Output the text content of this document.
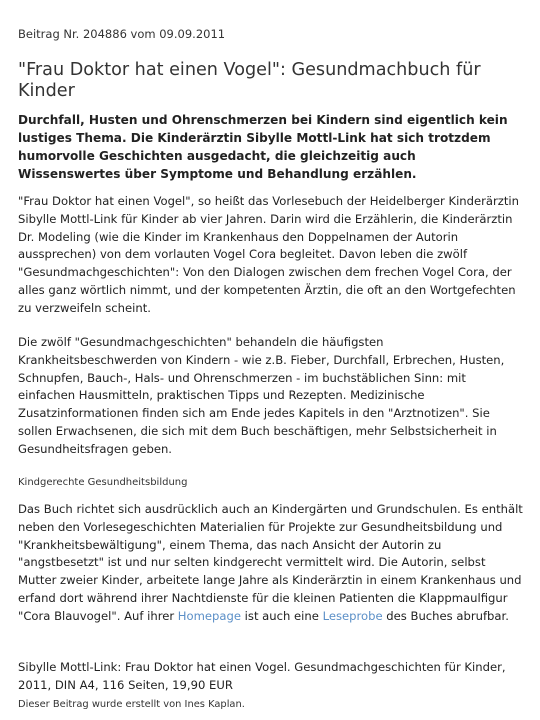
Beitrag Nr. 204886 vom 09.09.2011
"Frau Doktor hat einen Vogel": Gesundmachbuch für Kinder

Durchfall, Husten und Ohrenschmerzen bei Kindern sind eigentlich kein lustiges Thema. Die Kinderärztin Sibylle Mottl-Link hat sich trotzdem humorvolle Geschichten ausgedacht, die gleichzeitig auch Wissenswertes über Symptome und Behandlung erzählen.

"Frau Doktor hat einen Vogel", so heißt das Vorlesebuch der Heidelberger Kinderärztin Sibylle Mottl-Link für Kinder ab vier Jahren. Darin wird die Erzählerin, die Kinderärztin Dr. Modeling (wie die Kinder im Krankenhaus den Doppelnamen der Autorin aussprechen) von dem vorlauten Vogel Cora begleitet. Davon leben die zwölf "Gesundmachgeschichten": Von den Dialogen zwischen dem frechen Vogel Cora, der alles ganz wörtlich nimmt, und der kompetenten Ärztin, die oft an den Wortgefechten zu verzweifeln scheint.

Die zwölf "Gesundmachgeschichten" behandeln die häufigsten Krankheitsbeschwerden von Kindern - wie z.B. Fieber, Durchfall, Erbrechen, Husten, Schnupfen, Bauch-, Hals- und Ohrenschmerzen - im buchstäblichen Sinn: mit einfachen Hausmitteln, praktischen Tipps und Rezepten. Medizinische Zusatzinformationen finden sich am Ende jedes Kapitels in den "Arztnotizen". Sie sollen Erwachsenen, die sich mit dem Buch beschäftigen, mehr Selbstsicherheit in Gesundheitsfragen geben.

Kindgerechte Gesundheitsbildung

Das Buch richtet sich ausdrücklich auch an Kindergärten und Grundschulen. Es enthält neben den Vorlesegeschichten Materialien für Projekte zur Gesundheitsbildung und "Krankheitsbewältigung", einem Thema, das nach Ansicht der Autorin zu "angstbesetzt" ist und nur selten kindgerecht vermittelt wird. Die Autorin, selbst Mutter zweier Kinder, arbeitete lange Jahre als Kinderärztin in einem Krankenhaus und erfand dort während ihrer Nachtdienste für die kleinen Patienten die Klappmaulfigur "Cora Blauvogel". Auf ihrer Homepage ist auch eine Leseprobe des Buches abrufbar.

Sibylle Mottl-Link: Frau Doktor hat einen Vogel. Gesundmachgeschichten für Kinder, 2011, DIN A4, 116 Seiten, 19,90 EUR

Dieser Beitrag wurde erstellt von Ines Kaplan.
